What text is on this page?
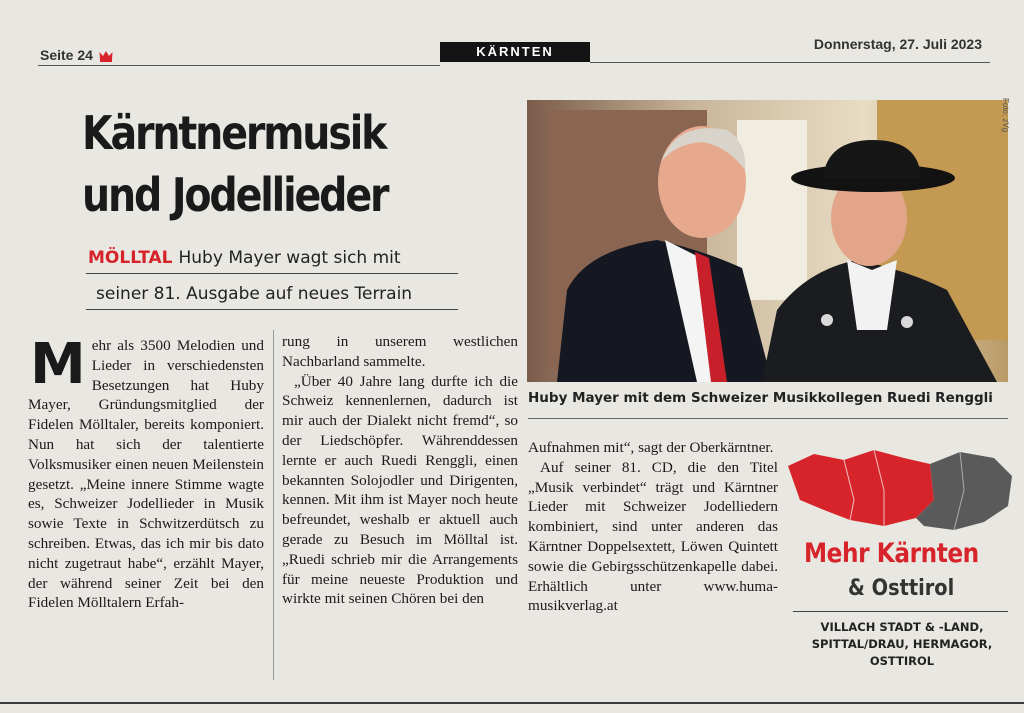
Seite 24	KÄRNTEN	Donnerstag, 27. Juli 2023
Kärntnermusik
und Jodellieder
MÖLLTAL Huby Mayer wagt sich mit
seiner 81. Ausgabe auf neues Terrain
M ehr als 3500 Melodien und Lieder in verschiedensten Besetzungen hat Huby Mayer, Gründungsmitglied der Fidelen Mölltaler, bereits komponiert. Nun hat sich der talentierte Volksmusiker einen neuen Meilenstein gesetzt. „Meine innere Stimme wagte es, Schweizer Jodellieder in Musik sowie Texte in Schwitzerdütsch zu schreiben. Etwas, das ich mir bis dato nicht zugetraut habe“, erzählt Mayer, der während seiner Zeit bei den Fidelen Mölltalern Erfah-

rung in unserem westlichen Nachbarland sammelte.

„Über 40 Jahre lang durfte ich die Schweiz kennenlernen, dadurch ist mir auch der Dialekt nicht fremd“, so der Liedschöpfer. Währenddessen lernte er auch Ruedi Renggli, einen bekannten Solojodler und Dirigenten, kennen. Mit ihm ist Mayer noch heute befreundet, weshalb er aktuell auch gerade zu Besuch im Mölltal ist. „Ruedi schrieb mir die Arrangements für meine neueste Produktion und wirkte mit seinen Chören bei den

Aufnahmen mit“, sagt der Oberkärntner.

Auf seiner 81. CD, die den Titel „Musik verbindet“ trägt und Kärntner Lieder mit Schweizer Jodelliedern kombiniert, sind unter anderen das Kärntner Doppelsextett, Löwen Quintett sowie die Gebirgsschützenkapelle dabei. Erhältlich unter www.huma-musikverlag.at

Foto: zVg
Huby Mayer mit dem Schweizer Musikkollegen Ruedi Renggli
Mehr Kärnten
& Osttirol
VILLACH STADT & -LAND,
SPITTAL/DRAU, HERMAGOR,
OSTTIROL
